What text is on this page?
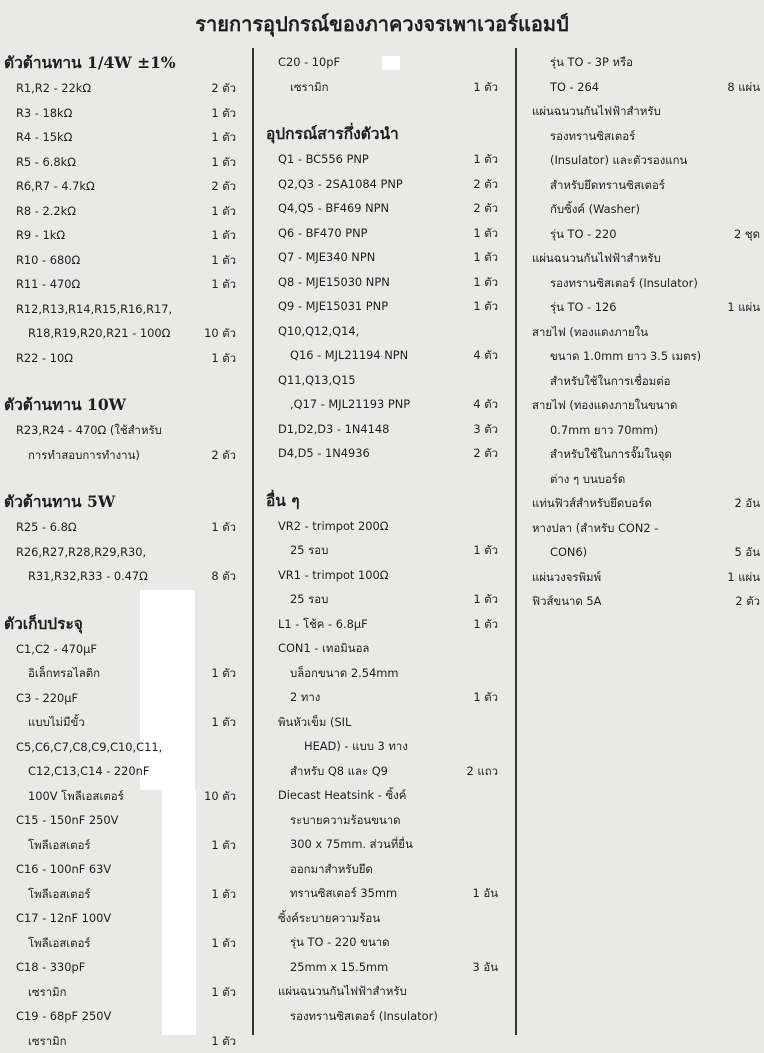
รายการอุปกรณ์ของภาควงจรเพาเวอร์แอมป์
ตัวต้านทาน 1/4W ±1%
R1,R2 - 22kΩ	2 ตัว
R3 - 18kΩ	1 ตัว
R4 - 15kΩ	1 ตัว
R5 - 6.8kΩ	1 ตัว
R6,R7 - 4.7kΩ	2 ตัว
R8 - 2.2kΩ	1 ตัว
R9 - 1kΩ	1 ตัว
R10 - 680Ω	1 ตัว
R11 - 470Ω	1 ตัว
R12,R13,R14,R15,R16,R17,
R18,R19,R20,R21 - 100Ω	10 ตัว
R22 - 10Ω	1 ตัว
ตัวต้านทาน 10W
R23,R24 - 470Ω (ใช้สำหรับ
การทำสอบการทำงาน)	2 ตัว
ตัวต้านทาน 5W
R25 - 6.8Ω	1 ตัว
R26,R27,R28,R29,R30,
R31,R32,R33 - 0.47Ω	8 ตัว
ตัวเก็บประจุ
C1,C2 - 470µF
อิเล็กทรอไลติก	1 ตัว
C3 - 220µF
แบบไม่มีขั้ว	1 ตัว
C5,C6,C7,C8,C9,C10,C11,
C12,C13,C14 - 220nF
100V โพลีเอสเตอร์	10 ตัว
C15 - 150nF 250V
โพลีเอสเตอร์	1 ตัว
C16 - 100nF 63V
โพลีเอสเตอร์	1 ตัว
C17 - 12nF 100V
โพลีเอสเตอร์	1 ตัว
C18 - 330pF
เซรามิก	1 ตัว
C19 - 68pF 250V
เซรามิก	1 ตัว
C20 - 10pF
เซรามิก	1 ตัว
อุปกรณ์สารกึ่งตัวนำ
Q1 - BC556 PNP	1 ตัว
Q2,Q3 - 2SA1084 PNP	2 ตัว
Q4,Q5 - BF469 NPN	2 ตัว
Q6 - BF470 PNP	1 ตัว
Q7 - MJE340 NPN	1 ตัว
Q8 - MJE15030 NPN	1 ตัว
Q9 - MJE15031 PNP	1 ตัว
Q10,Q12,Q14,
Q16 - MJL21194 NPN	4 ตัว
Q11,Q13,Q15
,Q17 - MJL21193 PNP	4 ตัว
D1,D2,D3 - 1N4148	3 ตัว
D4,D5 - 1N4936	2 ตัว
อื่น ๆ
VR2 - trimpot 200Ω
25 รอบ	1 ตัว
VR1 - trimpot 100Ω
25 รอบ	1 ตัว
L1 - โช้ค - 6.8µF	1 ตัว
CON1 - เทอมินอล
บล็อกขนาด 2.54mm
2 ทาง	1 ตัว
พินหัวเข็ม (SIL
HEAD) - แบบ 3 ทาง
สำหรับ Q8 และ Q9	2 แถว
Diecast Heatsink - ซิ้งค์
ระบายความร้อนขนาด
300 x 75mm. ส่วนที่ยื่น
ออกมาสำหรับยึด
ทรานซิสเตอร์ 35mm	1 อัน
ซิ้งค์ระบายความร้อน
รุ่น TO - 220 ขนาด
25mm x 15.5mm	3 อัน
แผ่นฉนวนกันไฟฟ้าสำหรับ
รองทรานซิสเตอร์ (Insulator)
รุ่น TO - 3P หรือ
TO - 264	8 แผ่น
แผ่นฉนวนกันไฟฟ้าสำหรับ
รองทรานซิสเตอร์
(Insulator) และตัวรองแกน
สำหรับยึดทรานซิสเตอร์
กับซิ้งค์ (Washer)
รุ่น TO - 220	2 ชุด
แผ่นฉนวนกันไฟฟ้าสำหรับ
รองทรานซิสเตอร์ (Insulator)
รุ่น TO - 126	1 แผ่น
สายไฟ (ทองแดงภายใน
ขนาด 1.0mm ยาว 3.5 เมตร)
สำหรับใช้ในการเชื่อมต่อ
สายไฟ (ทองแดงภายในขนาด
0.7mm ยาว 70mm)
สำหรับใช้ในการจั๊มในจุด
ต่าง ๆ บนบอร์ด
แท่นฟิวส์สำหรับยึดบอร์ด	2 อัน
หางปลา (สำหรับ CON2 -
CON6)	5 อัน
แผ่นวงจรพิมพ์	1 แผ่น
ฟิวส์ขนาด 5A	2 ตัว
